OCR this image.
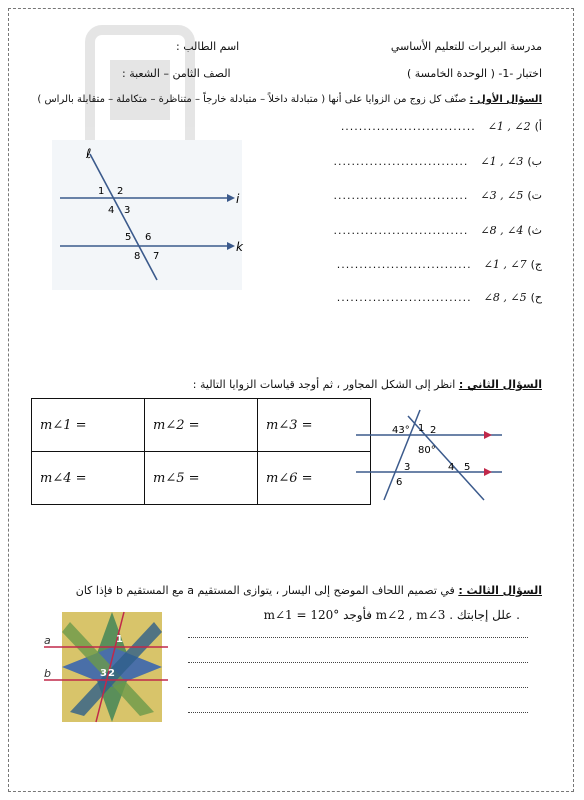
مدرسة البريرات للتعليم الأساسي
اسم الطالب :
اختبار -1- ( الوحدة الخامسة )
الصف الثامن – الشعبة :
السؤال الأول : صنّف كل زوج من الزوايا على أنها ( متبادلة داخلاً – متبادلة خارجاً – متناظرة – متكاملة – متقابلة بالراس )
أ)
∠1 , ∠2
..............................
ب)
∠1 , ∠3
..............................
ت)
∠3 , ∠5
..............................
ث)
∠8 , ∠4
..............................
ج)
∠1 , ∠7
..............................
ح)
∠8 , ∠5
..............................
ℓ
i
k
1 2
3
4
5 6
7
8
السؤال الثاني : انظر إلى الشكل المجاور ، ثم أوجد قياسات الزوايا التالية :
m∠1 =	m∠2 =	m∠3 =
m∠4 =	m∠5 =	m∠6 =
43° 1 2
80°
3	4 5
6
السؤال الثالث : في تصميم اللحاف الموضح إلى اليسار ، يتوازى المستقيم a مع المستقيم b فإذا كان
m∠1 = 120° فأوجد m∠2 , m∠3 . علل إجابتك .
a
b
1
2
3
